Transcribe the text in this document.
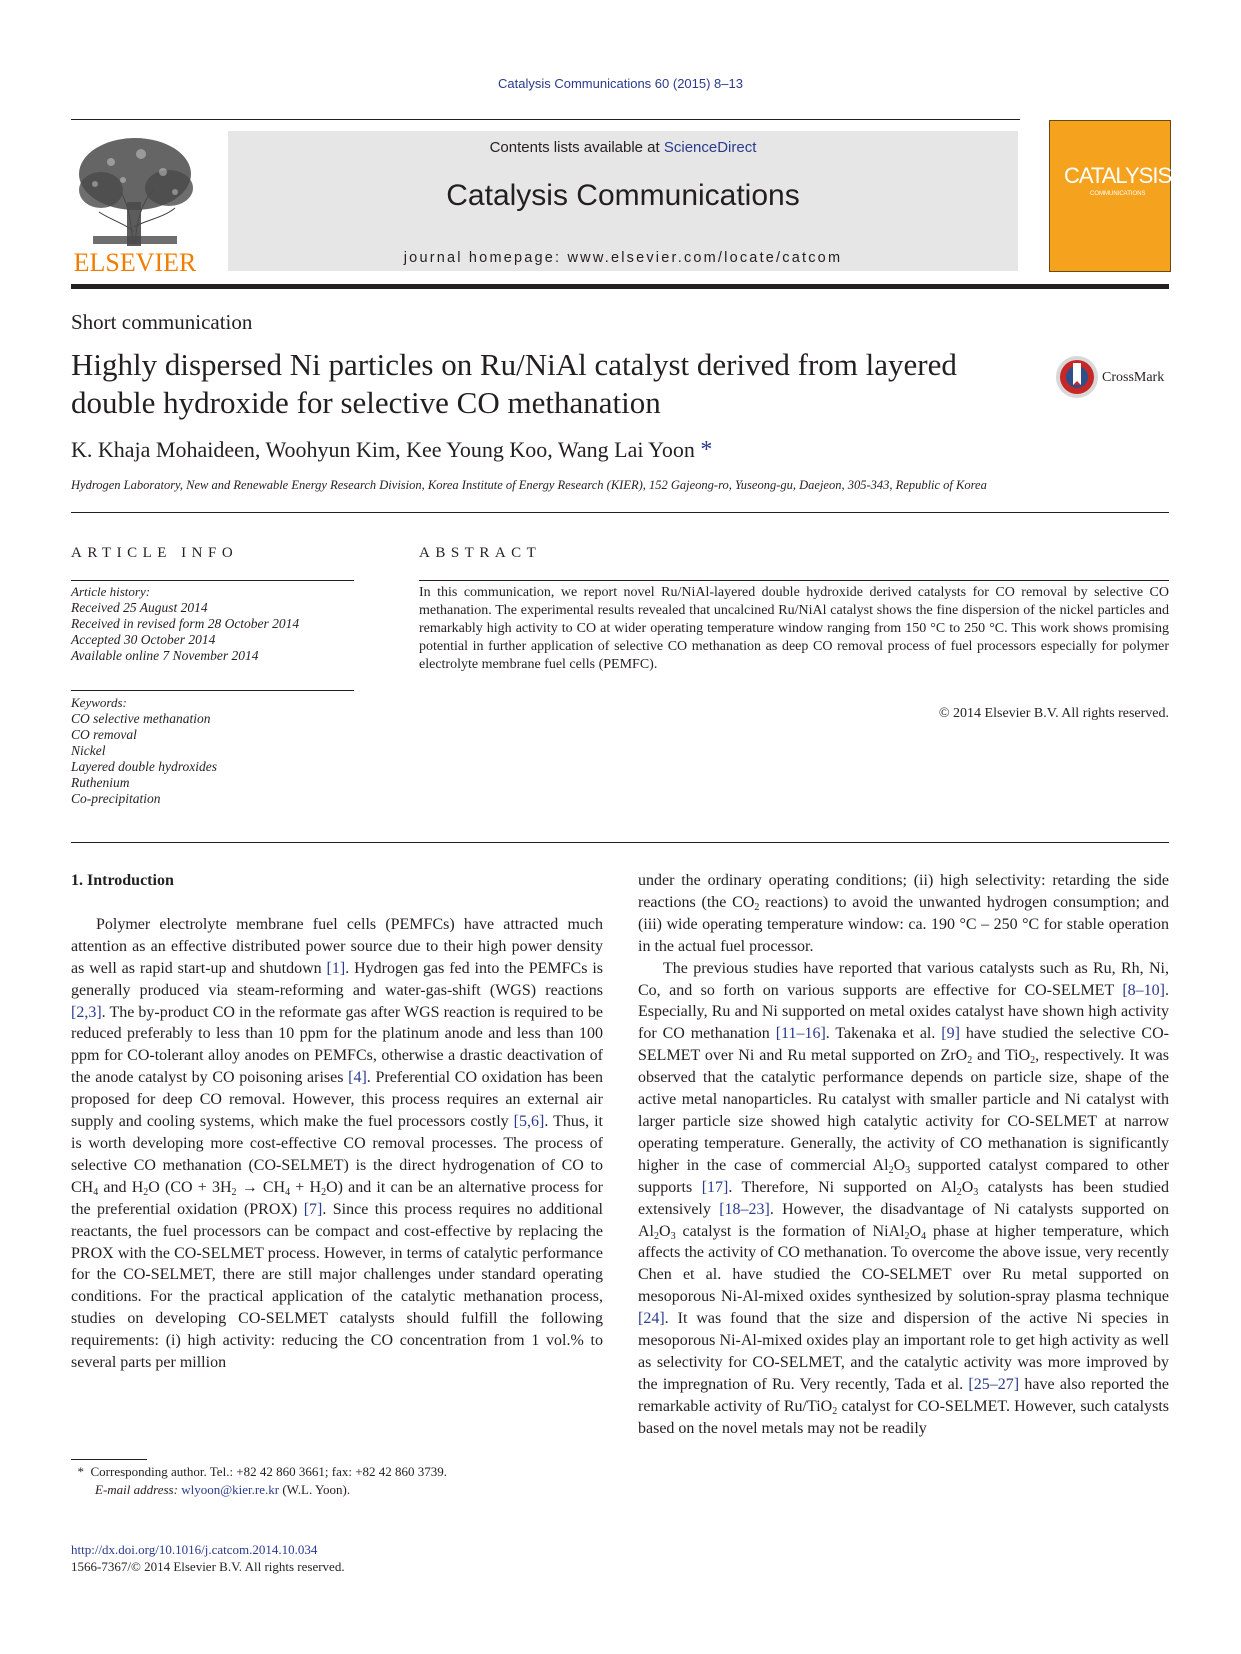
Catalysis Communications 60 (2015) 8–13
ELSEVIER
Contents lists available at ScienceDirect
Catalysis Communications
journal homepage: www.elsevier.com/locate/catcom
CATALYSIS
COMMUNICATIONS
Short communication
Highly dispersed Ni particles on Ru/NiAl catalyst derived from layered
double hydroxide for selective CO methanation
CrossMark
K. Khaja Mohaideen, Woohyun Kim, Kee Young Koo, Wang Lai Yoon *
Hydrogen Laboratory, New and Renewable Energy Research Division, Korea Institute of Energy Research (KIER), 152 Gajeong-ro, Yuseong-gu, Daejeon, 305-343, Republic of Korea
ARTICLE INFO
Article history:
Received 25 August 2014
Received in revised form 28 October 2014
Accepted 30 October 2014
Available online 7 November 2014
Keywords:
CO selective methanation
CO removal
Nickel
Layered double hydroxides
Ruthenium
Co-precipitation
ABSTRACT
In this communication, we report novel Ru/NiAl-layered double hydroxide derived catalysts for CO removal by selective CO methanation. The experimental results revealed that uncalcined Ru/NiAl catalyst shows the fine dispersion of the nickel particles and remarkably high activity to CO at wider operating temperature window ranging from 150 °C to 250 °C. This work shows promising potential in further application of selective CO methanation as deep CO removal process of fuel processors especially for polymer electrolyte membrane fuel cells (PEMFC).
© 2014 Elsevier B.V. All rights reserved.
1. Introduction

Polymer electrolyte membrane fuel cells (PEMFCs) have attracted much attention as an effective distributed power source due to their high power density as well as rapid start-up and shutdown [1]. Hydrogen gas fed into the PEMFCs is generally produced via steam-reforming and water-gas-shift (WGS) reactions [2,3]. The by-product CO in the reformate gas after WGS reaction is required to be reduced preferably to less than 10 ppm for the platinum anode and less than 100 ppm for CO-tolerant alloy anodes on PEMFCs, otherwise a drastic deactivation of the anode catalyst by CO poisoning arises [4]. Preferential CO oxidation has been proposed for deep CO removal. However, this process requires an external air supply and cooling systems, which make the fuel processors costly [5,6]. Thus, it is worth developing more cost-effective CO removal processes. The process of selective CO methanation (CO-SELMET) is the direct hydrogenation of CO to $CH_4$ and $H_2O$ $(CO + 3H_2 \to CH_4 + H_2O)$ and it can be an alternative process for the preferential oxidation (PROX) [7]. Since this process requires no additional reactants, the fuel processors can be compact and cost-effective by replacing the PROX with the CO-SELMET process. However, in terms of catalytic performance for the CO-SELMET, there are still major challenges under standard operating conditions. For the practical application of the catalytic methanation process, studies on developing CO-SELMET catalysts should fulfill the following requirements: (i) high activity: reducing the CO concentration from 1 vol.% to several parts per million

under the ordinary operating conditions; (ii) high selectivity: retarding the side reactions (the $CO_2$ reactions) to avoid the unwanted hydrogen consumption; and (iii) wide operating temperature window: ca. 190 °C – 250 °C for stable operation in the actual fuel processor.

The previous studies have reported that various catalysts such as Ru, Rh, Ni, Co, and so forth on various supports are effective for CO-SELMET [8–10]. Especially, Ru and Ni supported on metal oxides catalyst have shown high activity for CO methanation [11–16]. Takenaka et al. [9] have studied the selective CO-SELMET over Ni and Ru metal supported on ZrO$_2$ and TiO$_2$, respectively. It was observed that the catalytic performance depends on particle size, shape of the active metal nanoparticles. Ru catalyst with smaller particle and Ni catalyst with larger particle size showed high catalytic activity for CO-SELMET at narrow operating temperature. Generally, the activity of CO methanation is significantly higher in the case of commercial $Al_2O_3$ supported catalyst compared to other supports [17]. Therefore, Ni supported on $Al_2O_3$ catalysts has been studied extensively [18–23]. However, the disadvantage of Ni catalysts supported on $Al_2O_3$ catalyst is the formation of $NiAl_2O_4$ phase at higher temperature, which affects the activity of CO methanation. To overcome the above issue, very recently Chen et al. have studied the CO-SELMET over Ru metal supported on mesoporous Ni-Al-mixed oxides synthesized by solution-spray plasma technique [24]. It was found that the size and dispersion of the active Ni species in mesoporous Ni-Al-mixed oxides play an important role to get high activity as well as selectivity for CO-SELMET, and the catalytic activity was more improved by the impregnation of Ru. Very recently, Tada et al. [25–27] have also reported the remarkable activity of Ru/TiO$_2$ catalyst for CO-SELMET. However, such catalysts based on the novel metals may not be readily

* Corresponding author. Tel.: +82 42 860 3661; fax: +82 42 860 3739.
E-mail address: wlyoon@kier.re.kr (W.L. Yoon).
http://dx.doi.org/10.1016/j.catcom.2014.10.034
1566-7367/© 2014 Elsevier B.V. All rights reserved.
